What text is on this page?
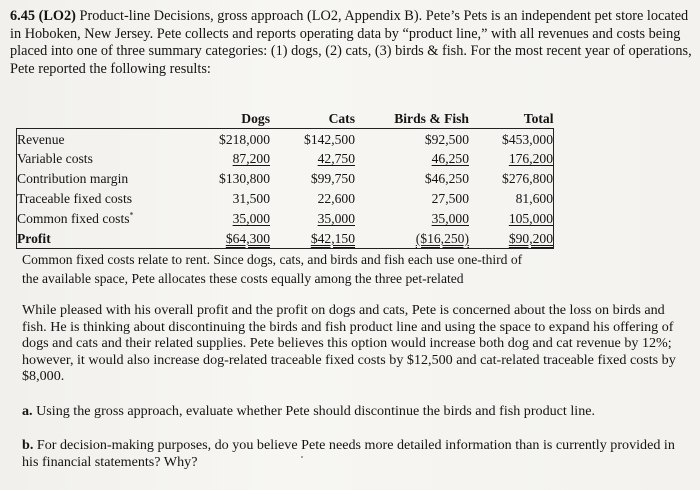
6.45 (LO2) Product-line Decisions, gross approach (LO2, Appendix B). Pete’s Pets is an independent pet store located in Hoboken, New Jersey. Pete collects and reports operating data by “product line,” with all revenues and costs being placed into one of three summary categories: (1) dogs, (2) cats, (3) birds & fish. For the most recent year of operations, Pete reported the following results:
	Dogs	Cats	Birds & Fish	Total
Revenue	$218,000	$142,500	$92,500	$453,000
Variable costs	87,200	42,750	46,250	176,200
Contribution margin	$130,800	$99,750	$46,250	$276,800
Traceable fixed costs	31,500	22,600	27,500	81,600
Common fixed costs*	35,000	35,000	35,000	105,000
Profit	$64,300	$42,150	($16,250)	$90,200
Common fixed costs relate to rent. Since dogs, cats, and birds and fish each use one-third of the available space, Pete allocates these costs equally among the three pet-related
While pleased with his overall profit and the profit on dogs and cats, Pete is concerned about the loss on birds and fish. He is thinking about discontinuing the birds and fish product line and using the space to expand his offering of dogs and cats and their related supplies. Pete believes this option would increase both dog and cat revenue by 12%; however, it would also increase dog-related traceable fixed costs by $12,500 and cat-related traceable fixed costs by $8,000.
a. Using the gross approach, evaluate whether Pete should discontinue the birds and fish product line.
b. For decision-making purposes, do you believe Pete needs more detailed information than is currently provided in his financial statements? Why?
